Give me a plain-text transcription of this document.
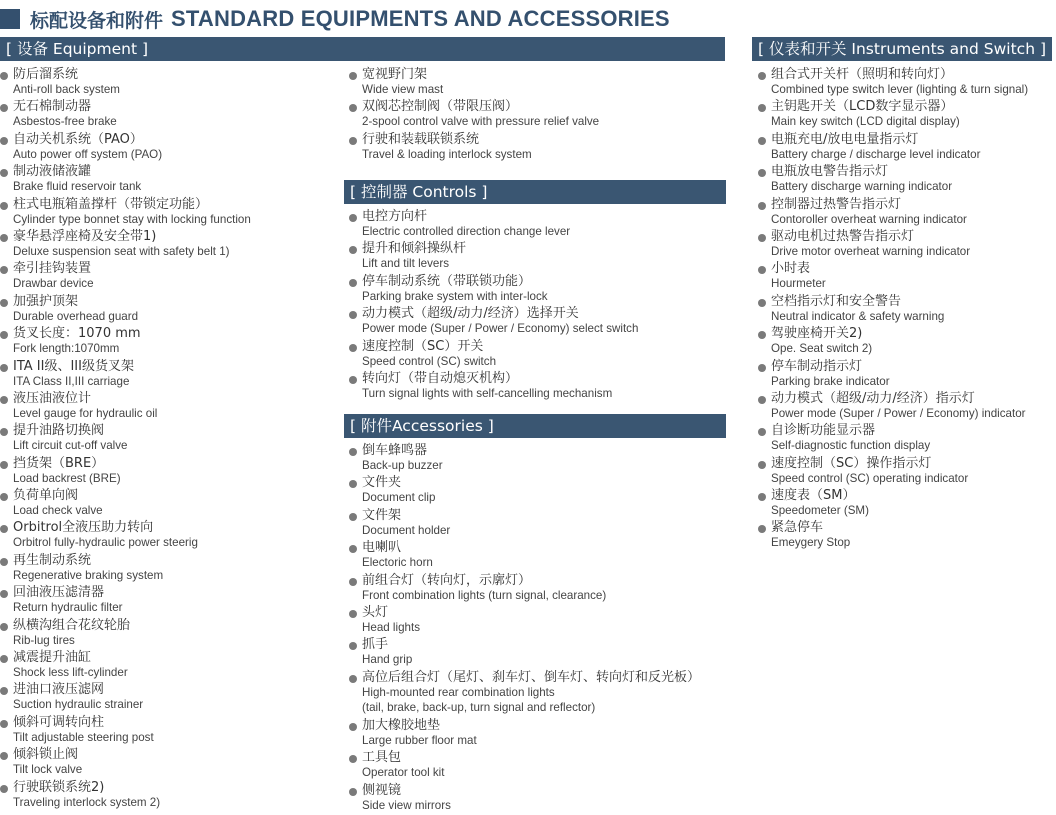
标配设备和附件 STANDARD EQUIPMENTS AND ACCESSORIES
[ 设备 Equipment ]
[ 控制器 Controls ]
[ 附件Accessories ]
[ 仪表和开关 Instruments and Switch ]
防后溜系统
Anti-roll back system
无石棉制动器
Asbestos-free brake
自动关机系统（PAO）
Auto power off system (PAO)
制动液储液罐
Brake fluid reservoir tank
柱式电瓶箱盖撑杆（带锁定功能）
Cylinder type bonnet stay with locking function
豪华悬浮座椅及安全带1)
Deluxe suspension seat with safety belt 1)
牵引挂钩装置
Drawbar device
加强护顶架
Durable overhead guard
货叉长度：1070 mm
Fork length:1070mm
ITA II级、III级货叉架
ITA Class II,III carriage
液压油液位计
Level gauge for hydraulic oil
提升油路切换阀
Lift circuit cut-off valve
挡货架（BRE）
Load backrest (BRE)
负荷单向阀
Load check valve
Orbitrol全液压助力转向
Orbitrol fully-hydraulic power steerig
再生制动系统
Regenerative braking system
回油液压滤清器
Return hydraulic filter
纵横沟组合花纹轮胎
Rib-lug tires
减震提升油缸
Shock less lift-cylinder
进油口液压滤网
Suction hydraulic strainer
倾斜可调转向柱
Tilt adjustable steering post
倾斜锁止阀
Tilt lock valve
行驶联锁系统2)
Traveling interlock system 2)
宽视野门架
Wide view mast
双阀芯控制阀（带限压阀）
2-spool control valve with pressure relief valve
行驶和装载联锁系统
Travel & loading interlock system
电控方向杆
Electric controlled direction change lever
提升和倾斜操纵杆
Lift and tilt levers
停车制动系统（带联锁功能）
Parking brake system with inter-lock
动力模式（超级/动力/经济）选择开关
Power mode (Super / Power / Economy) select switch
速度控制（SC）开关
Speed control (SC) switch
转向灯（带自动熄灭机构）
Turn signal lights with self-cancelling mechanism
倒车蜂鸣器
Back-up buzzer
文件夹
Document clip
文件架
Document holder
电喇叭
Electoric horn
前组合灯（转向灯，示廓灯）
Front combination lights (turn signal, clearance)
头灯
Head lights
抓手
Hand grip
高位后组合灯（尾灯、刹车灯、倒车灯、转向灯和反光板）
High-mounted rear combination lights
(tail, brake, back-up, turn signal and reflector)
加大橡胶地垫
Large rubber floor mat
工具包
Operator tool kit
侧视镜
Side view mirrors
组合式开关杆（照明和转向灯）
Combined type switch lever (lighting & turn signal)
主钥匙开关（LCD数字显示器）
Main key switch (LCD digital display)
电瓶充电/放电电量指示灯
Battery charge / discharge level indicator
电瓶放电警告指示灯
Battery discharge warning indicator
控制器过热警告指示灯
Contoroller overheat warning indicator
驱动电机过热警告指示灯
Drive motor overheat warning indicator
小时表
Hourmeter
空档指示灯和安全警告
Neutral indicator & safety warning
驾驶座椅开关2)
Ope. Seat switch 2)
停车制动指示灯
Parking brake indicator
动力模式（超级/动力/经济）指示灯
Power mode (Super / Power / Economy) indicator
自诊断功能显示器
Self-diagnostic function display
速度控制（SC）操作指示灯
Speed control (SC) operating indicator
速度表（SM）
Speedometer (SM)
紧急停车
Emeygery Stop
